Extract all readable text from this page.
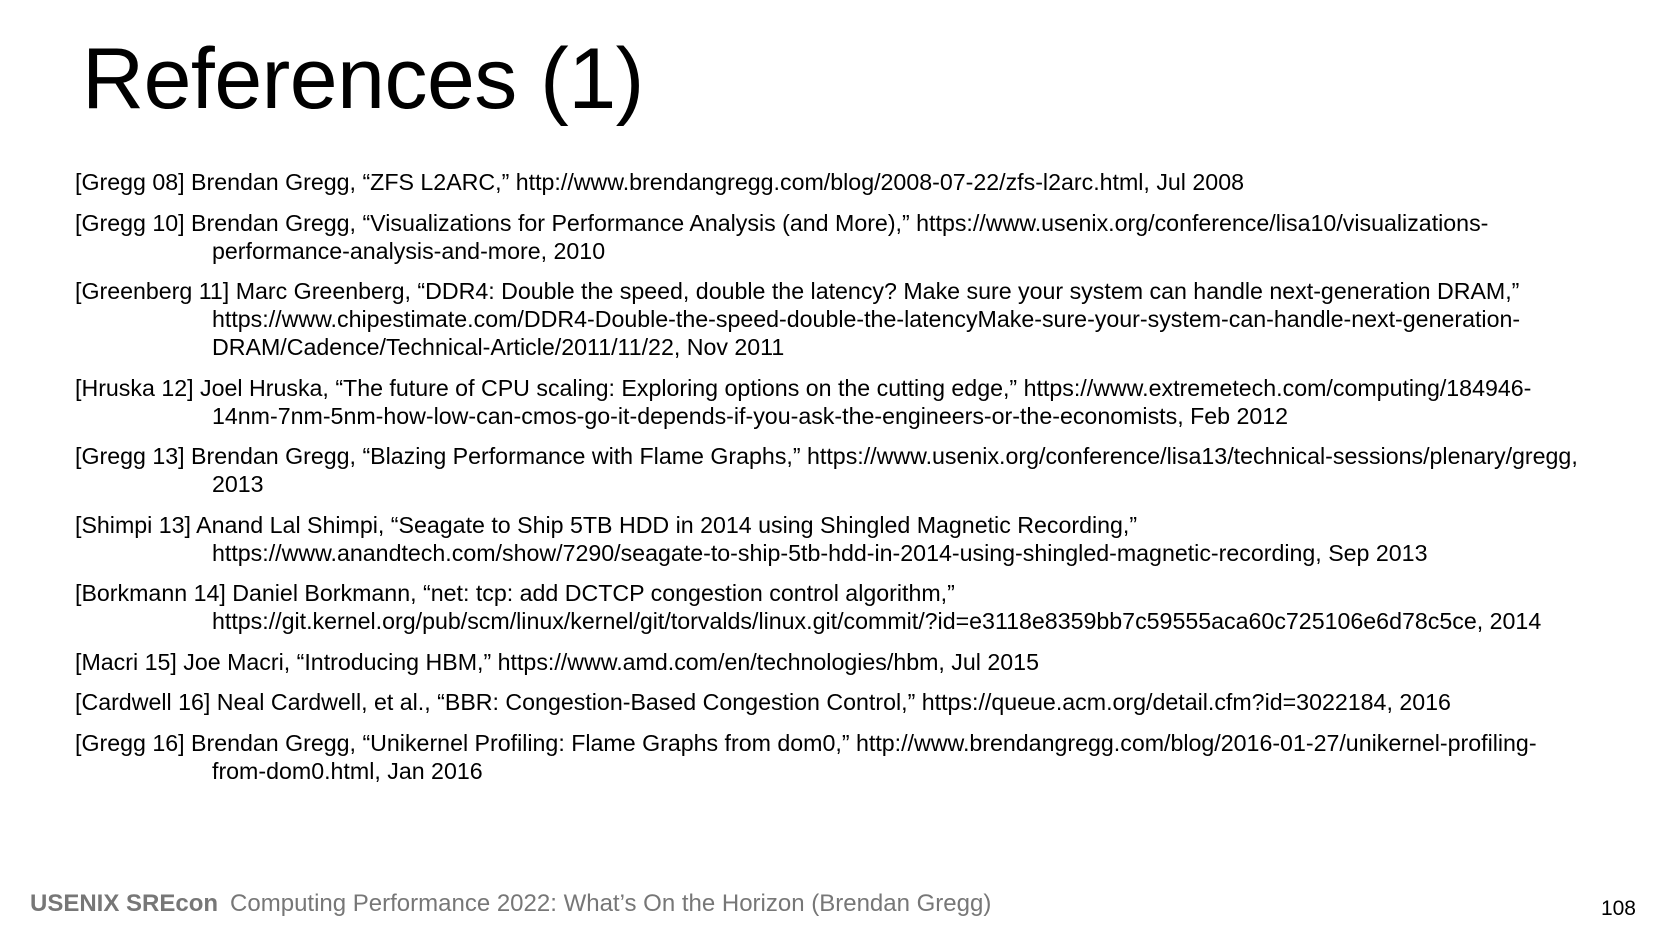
References (1)
[Gregg 08] Brendan Gregg, “ZFS L2ARC,” http://www.brendangregg.com/blog/2008-07-22/zfs-l2arc.html, Jul 2008
[Gregg 10] Brendan Gregg, “Visualizations for Performance Analysis (and More),” https://www.usenix.org/conference/lisa10/visualizations-performance-analysis-and-more, 2010
[Greenberg 11] Marc Greenberg, “DDR4: Double the speed, double the latency? Make sure your system can handle next-generation DRAM,” https://www.chipestimate.com/DDR4-Double-the-speed-double-the-latencyMake-sure-your-system-can-handle-next-generation-DRAM/Cadence/Technical-Article/2011/11/22, Nov 2011
[Hruska 12] Joel Hruska, “The future of CPU scaling: Exploring options on the cutting edge,” https://www.extremetech.com/computing/184946-14nm-7nm-5nm-how-low-can-cmos-go-it-depends-if-you-ask-the-engineers-or-the-economists, Feb 2012
[Gregg 13] Brendan Gregg, “Blazing Performance with Flame Graphs,” https://www.usenix.org/conference/lisa13/technical-sessions/plenary/gregg, 2013
[Shimpi 13] Anand Lal Shimpi, “Seagate to Ship 5TB HDD in 2014 using Shingled Magnetic Recording,” https://www.anandtech.com/show/7290/seagate-to-ship-5tb-hdd-in-2014-using-shingled-magnetic-recording, Sep 2013
[Borkmann 14] Daniel Borkmann, “net: tcp: add DCTCP congestion control algorithm,” https://git.kernel.org/pub/scm/linux/kernel/git/torvalds/linux.git/commit/?id=e3118e8359bb7c59555aca60c725106e6d78c5ce, 2014
[Macri 15] Joe Macri, “Introducing HBM,” https://www.amd.com/en/technologies/hbm, Jul 2015
[Cardwell 16] Neal Cardwell, et al., “BBR: Congestion-Based Congestion Control,” https://queue.acm.org/detail.cfm?id=3022184, 2016
[Gregg 16] Brendan Gregg, “Unikernel Profiling: Flame Graphs from dom0,” http://www.brendangregg.com/blog/2016-01-27/unikernel-profiling-from-dom0.html, Jan 2016
USENIX SREcon Computing Performance 2022: What’s On the Horizon (Brendan Gregg)	108
